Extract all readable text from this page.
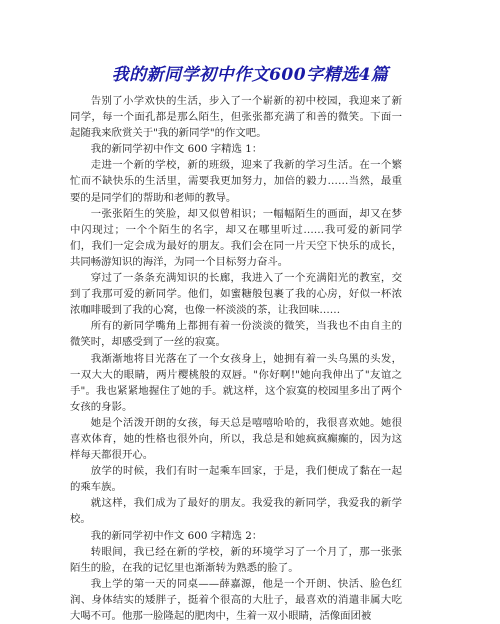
我的新同学初中作文600字精选4篇

告别了小学欢快的生活，步入了一个崭新的初中校园，我迎来了新同学，每一个面孔都是那么陌生，但张张都充满了和善的微笑。下面一起随我来欣赏关于"我的新同学"的作文吧。

我的新同学初中作文 600 字精选 1：

走进一个新的学校，新的班级，迎来了我新的学习生活。在一个繁忙而不缺快乐的生活里，需要我更加努力，加倍的毅力……当然，最重要的是同学们的帮助和老师的教导。

一张张陌生的笑脸，却又似曾相识；一幅幅陌生的画面，却又在梦中闪现过；一个个陌生的名字，却又在哪里听过……我可爱的新同学们，我们一定会成为最好的朋友。我们会在同一片天空下快乐的成长，共同畅游知识的海洋，为同一个目标努力奋斗。

穿过了一条条充满知识的长廊，我进入了一个充满阳光的教室，交到了我那可爱的新同学。他们，如蜜糖般包裹了我的心房，好似一杯浓浓咖啡暖到了我的心窝，也像一杯淡淡的茶，让我回味……

所有的新同学嘴角上都拥有着一份淡淡的微笑，当我也不由自主的微笑时，却感受到了一丝的寂寞。

我渐渐地将目光落在了一个女孩身上，她拥有着一头乌黑的头发，一双大大的眼睛，两片樱桃般的双唇。"你好啊!"她向我伸出了"友谊之手"。我也紧紧地握住了她的手。就这样，这个寂寞的校园里多出了两个女孩的身影。

她是个活泼开朗的女孩，每天总是嘻嘻哈哈的，我很喜欢她。她很喜欢体育，她的性格也很外向，所以，我总是和她疯疯癫癫的，因为这样每天都很开心。

放学的时候，我们有时一起乘车回家，于是，我们便成了黏在一起的乘车族。

就这样，我们成为了最好的朋友。我爱我的新同学，我爱我的新学校。

我的新同学初中作文 600 字精选 2：

转眼间，我已经在新的学校，新的环境学习了一个月了，那一张张陌生的脸，在我的记忆里也渐渐转为熟悉的脸了。

我上学的第一天的同桌——薛嘉源，他是一个开朗、快活、脸色红润、身体结实的矮胖子，挺着个很高的大肚子，最喜欢的消遣非属大吃大喝不可。他那一脸隆起的肥肉中，生着一双小眼睛，活像面团被
